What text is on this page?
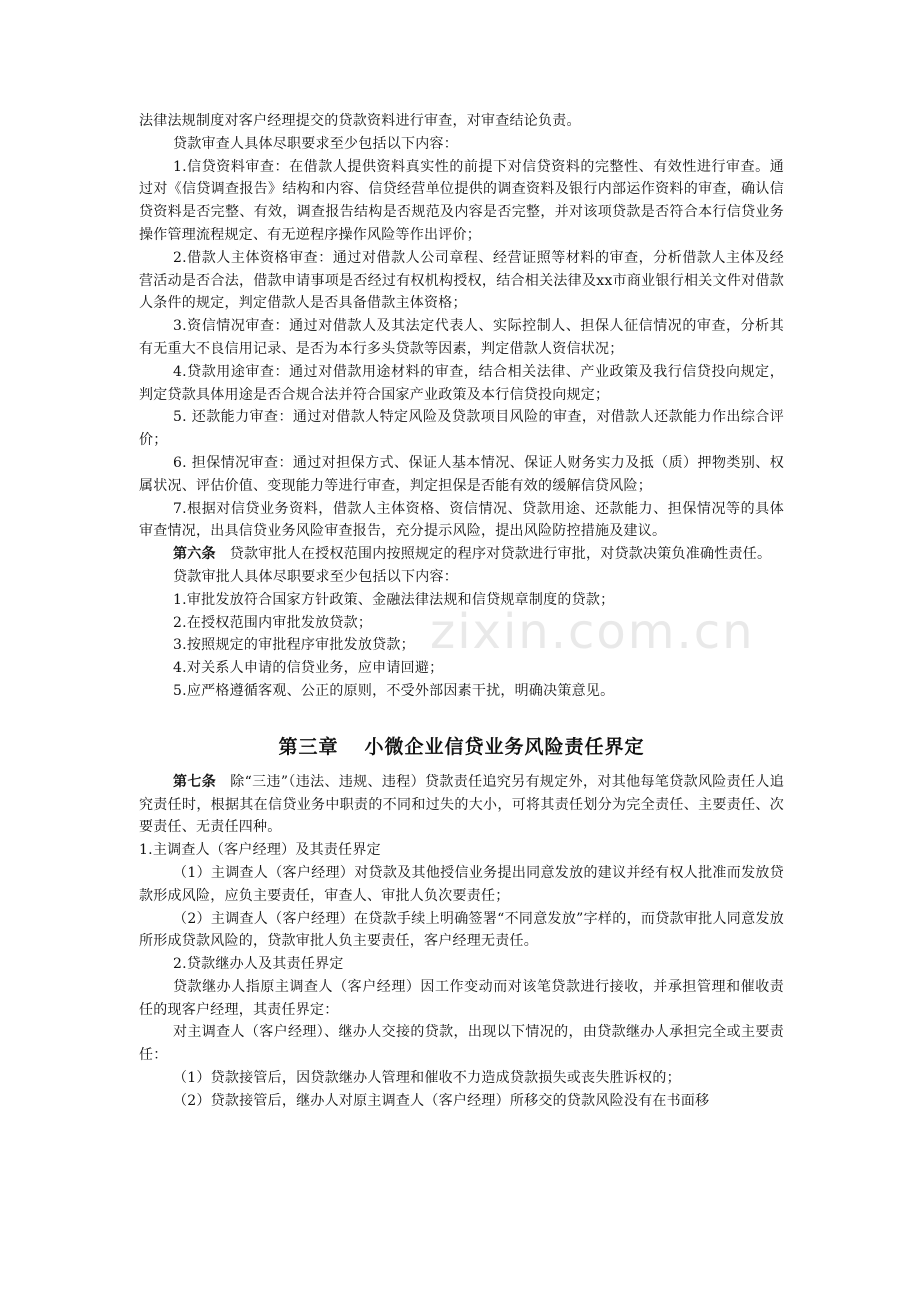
zixin.com.cn

法律法规制度对客户经理提交的贷款资料进行审查，对审查结论负责。

贷款审查人具体尽职要求至少包括以下内容：

1.信贷资料审查：在借款人提供资料真实性的前提下对信贷资料的完整性、有效性进行审查。通过对《信贷调查报告》结构和内容、信贷经营单位提供的调查资料及银行内部运作资料的审查，确认信贷资料是否完整、有效，调查报告结构是否规范及内容是否完整，并对该项贷款是否符合本行信贷业务操作管理流程规定、有无逆程序操作风险等作出评价；

2.借款人主体资格审查：通过对借款人公司章程、经营证照等材料的审查，分析借款人主体及经营活动是否合法，借款申请事项是否经过有权机构授权，结合相关法律及xx市商业银行相关文件对借款人条件的规定，判定借款人是否具备借款主体资格；

3.资信情况审查：通过对借款人及其法定代表人、实际控制人、担保人征信情况的审查，分析其有无重大不良信用记录、是否为本行多头贷款等因素，判定借款人资信状况；

4.贷款用途审查：通过对借款用途材料的审查，结合相关法律、产业政策及我行信贷投向规定，判定贷款具体用途是否合规合法并符合国家产业政策及本行信贷投向规定；

5. 还款能力审查：通过对借款人特定风险及贷款项目风险的审查，对借款人还款能力作出综合评价；

6. 担保情况审查：通过对担保方式、保证人基本情况、保证人财务实力及抵（质）押物类别、权属状况、评估价值、变现能力等进行审查，判定担保是否能有效的缓解信贷风险；

7.根据对信贷业务资料，借款人主体资格、资信情况、贷款用途、还款能力、担保情况等的具体审查情况，出具信贷业务风险审查报告，充分提示风险，提出风险防控措施及建议。

第六条 贷款审批人在授权范围内按照规定的程序对贷款进行审批，对贷款决策负准确性责任。

贷款审批人具体尽职要求至少包括以下内容：

1.审批发放符合国家方针政策、金融法律法规和信贷规章制度的贷款；

2.在授权范围内审批发放贷款；

3.按照规定的审批程序审批发放贷款；

4.对关系人申请的信贷业务，应申请回避；

5.应严格遵循客观、公正的原则，不受外部因素干扰，明确决策意见。

第三章 小微企业信贷业务风险责任界定

第七条 除“三违”（违法、违规、违程）贷款责任追究另有规定外，对其他每笔贷款风险责任人追究责任时，根据其在信贷业务中职责的不同和过失的大小，可将其责任划分为完全责任、主要责任、次要责任、无责任四种。

1.主调查人（客户经理）及其责任界定

（1）主调查人（客户经理）对贷款及其他授信业务提出同意发放的建议并经有权人批准而发放贷款形成风险，应负主要责任，审查人、审批人负次要责任；

（2）主调查人（客户经理）在贷款手续上明确签署“不同意发放”字样的，而贷款审批人同意发放所形成贷款风险的，贷款审批人负主要责任，客户经理无责任。

2.贷款继办人及其责任界定

贷款继办人指原主调查人（客户经理）因工作变动而对该笔贷款进行接收，并承担管理和催收责任的现客户经理，其责任界定：

对主调查人（客户经理）、继办人交接的贷款，出现以下情况的，由贷款继办人承担完全或主要责任：

（1）贷款接管后，因贷款继办人管理和催收不力造成贷款损失或丧失胜诉权的；

（2）贷款接管后，继办人对原主调查人（客户经理）所移交的贷款风险没有在书面移
